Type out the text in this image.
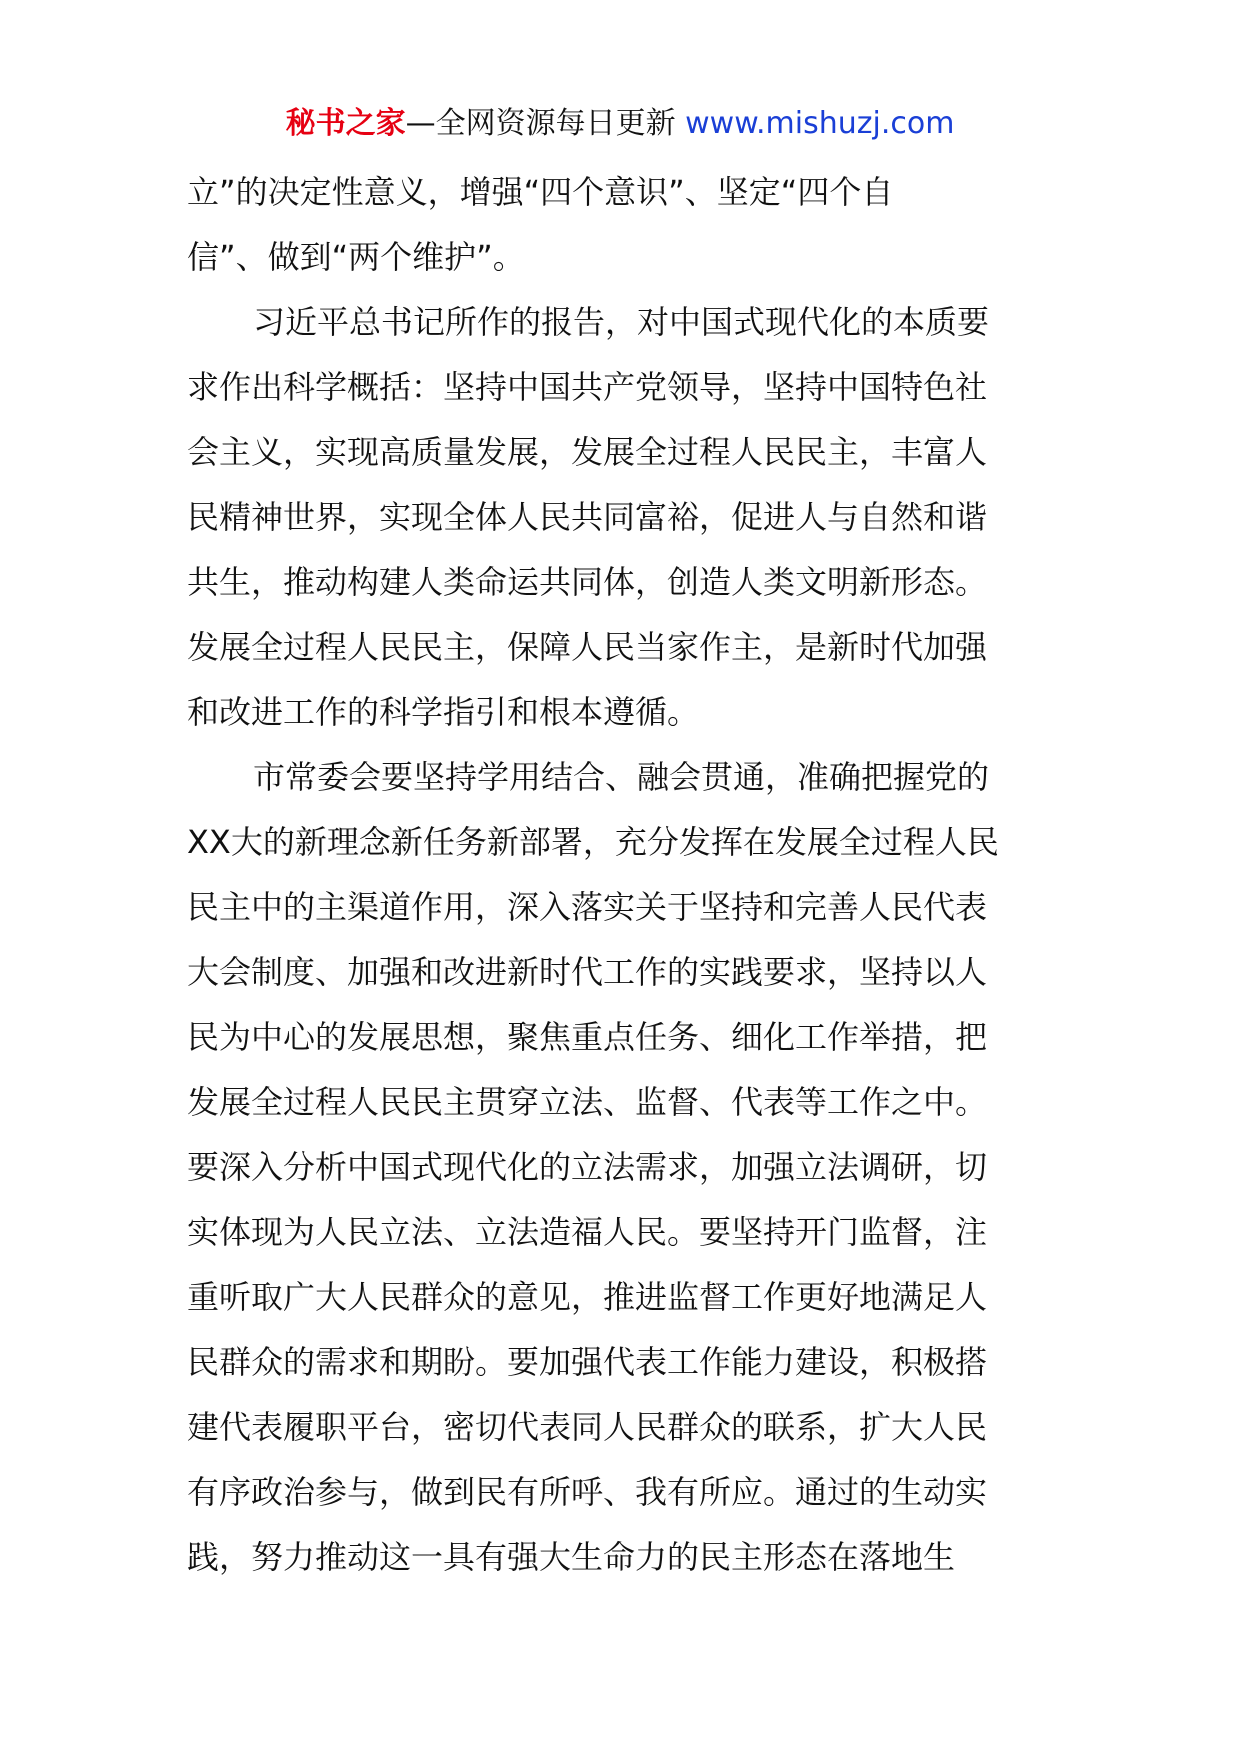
秘书之家—全网资源每日更新 www.mishuzj.com
立”的决定性意义，增强“四个意识”、坚定“四个自
信”、做到“两个维护”。
习近平总书记所作的报告，对中国式现代化的本质要
求作出科学概括：坚持中国共产党领导，坚持中国特色社
会主义，实现高质量发展，发展全过程人民民主，丰富人
民精神世界，实现全体人民共同富裕，促进人与自然和谐
共生，推动构建人类命运共同体，创造人类文明新形态。
发展全过程人民民主，保障人民当家作主，是新时代加强
和改进工作的科学指引和根本遵循。
市常委会要坚持学用结合、融会贯通，准确把握党的
XX大的新理念新任务新部署，充分发挥在发展全过程人民
民主中的主渠道作用，深入落实关于坚持和完善人民代表
大会制度、加强和改进新时代工作的实践要求，坚持以人
民为中心的发展思想，聚焦重点任务、细化工作举措，把
发展全过程人民民主贯穿立法、监督、代表等工作之中。
要深入分析中国式现代化的立法需求，加强立法调研，切
实体现为人民立法、立法造福人民。要坚持开门监督，注
重听取广大人民群众的意见，推进监督工作更好地满足人
民群众的需求和期盼。要加强代表工作能力建设，积极搭
建代表履职平台，密切代表同人民群众的联系，扩大人民
有序政治参与，做到民有所呼、我有所应。通过的生动实
践，努力推动这一具有强大生命力的民主形态在落地生
